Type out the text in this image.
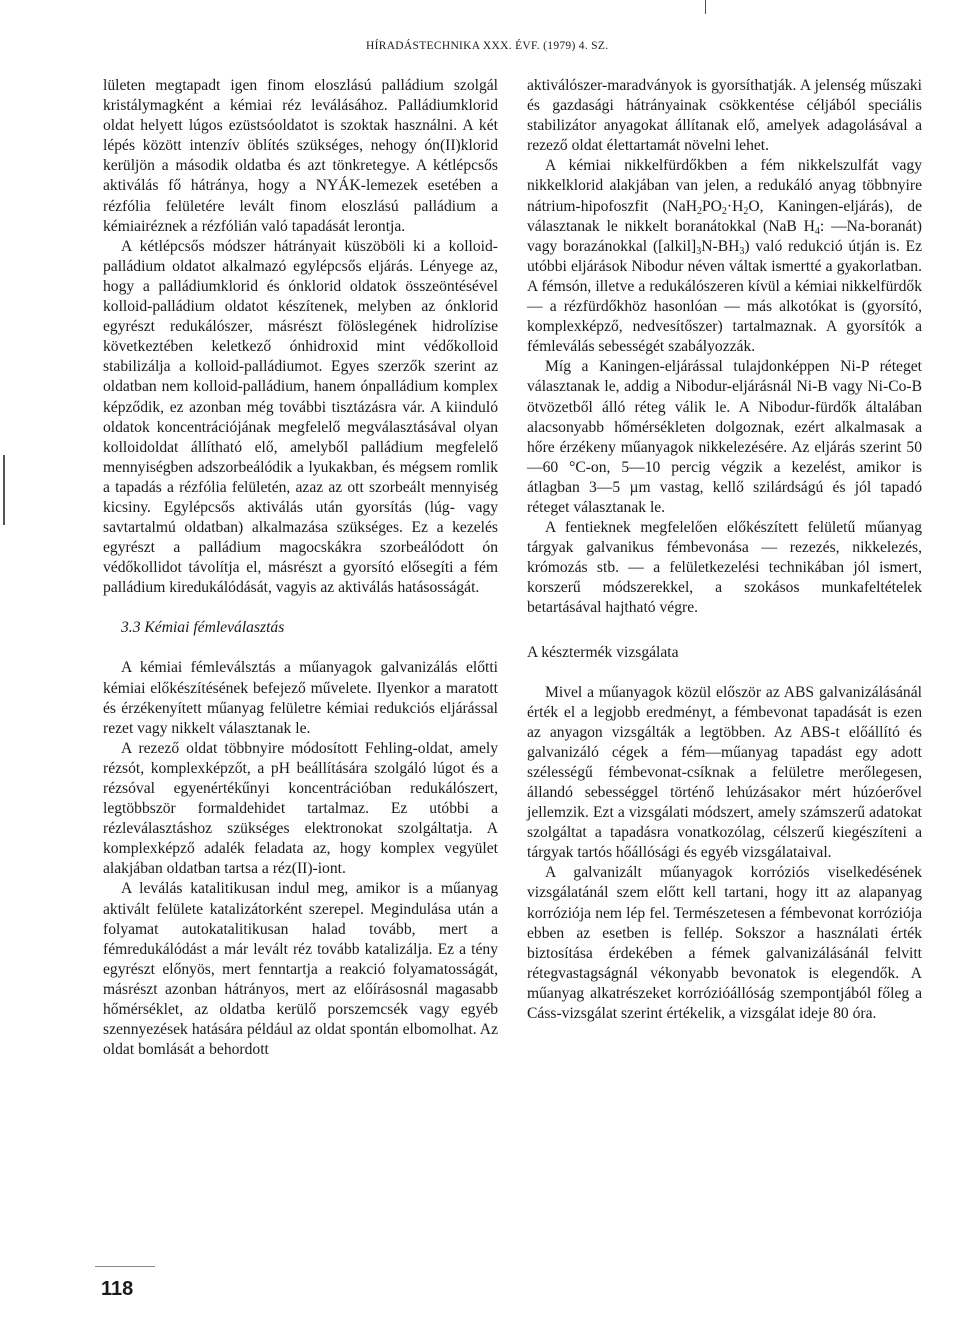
HÍRADÁSTECHNIKA XXX. ÉVF. (1979) 4. SZ.

lületen megtapadt igen finom eloszlású palládium szolgál kristálymagként a kémiai réz leválásához. Palládiumklorid oldat helyett lúgos ezüstsóoldatot is szoktak használni. A két lépés között intenzív öblítés szükséges, nehogy ón(II)klorid kerüljön a második oldatba és azt tönkretegye. A kétlépcsős aktiválás fő hátránya, hogy a NYÁK-lemezek esetében a rézfólia felületére levált finom eloszlású palládium a kémiairéznek a rézfólián való tapadását lerontja.

A kétlépcsős módszer hátrányait küszöböli ki a kolloid-palládium oldatot alkalmazó egylépcsős eljárás. Lényege az, hogy a palládiumklorid és ónklorid oldatok összeöntésével kolloid-palládium oldatot készítenek, melyben az ónklorid egyrészt redukálószer, másrészt fölöslegének hidrolízise következtében keletkező ónhidroxid mint védőkolloid stabilizálja a kolloid-palládiumot. Egyes szerzők szerint az oldatban nem kolloid-palládium, hanem ónpalládium komplex képződik, ez azonban még további tisztázásra vár. A kiinduló oldatok koncentrációjának megfelelő megválasztásával olyan kolloidoldat állítható elő, amelyből palládium megfelelő mennyiségben adszorbeálódik a lyukakban, és mégsem romlik a tapadás a rézfólia felületén, azaz az ott szorbeált mennyiség kicsiny. Egylépcsős aktiválás után gyorsítás (lúg- vagy savtartalmú oldatban) alkalmazása szükséges. Ez a kezelés egyrészt a palládium magocskákra szorbeálódott ón védőkollidot távolítja el, másrészt a gyorsító elősegíti a fém palládium kiredukálódását, vagyis az aktiválás hatásosságát.

3.3 Kémiai fémleválasztás

A kémiai fémleválsztás a műanyagok galvanizálás előtti kémiai előkészítésének befejező művelete. Ilyenkor a maratott és érzékenyített műanyag felületre kémiai redukciós eljárással rezet vagy nikkelt választanak le.

A rezező oldat többnyire módosított Fehling-oldat, amely rézsót, komplexképzőt, a pH beállítására szolgáló lúgot és a rézsóval egyenértékűnyi koncentrációban redukálószert, legtöbbször formaldehidet tartalmaz. Ez utóbbi a rézleválasztáshoz szükséges elektronokat szolgáltatja. A komplexképző adalék feladata az, hogy komplex vegyület alakjában oldatban tartsa a réz(II)-iont.

A leválás katalitikusan indul meg, amikor is a műanyag aktivált felülete katalizátorként szerepel. Megindulása után a folyamat autokatalitikusan halad tovább, mert a fémredukálódást a már levált réz tovább katalizálja. Ez a tény egyrészt előnyös, mert fenntartja a reakció folyamatosságát, másrészt azonban hátrányos, mert az előírásosnál magasabb hőmérséklet, az oldatba kerülő porszemcsék vagy egyéb szennyezések hatására például az oldat spontán elbomolhat. Az oldat bomlását a behordott

aktiválószer-maradványok is gyorsíthatják. A jelenség műszaki és gazdasági hátrányainak csökkentése céljából speciális stabilizátor anyagokat állítanak elő, amelyek adagolásával a rezező oldat élettartamát növelni lehet.

A kémiai nikkelfürdőkben a fém nikkelszulfát vagy nikkelklorid alakjában van jelen, a redukáló anyag többnyire nátrium-hipofoszfit ($NaH_2PO_2\cdot H_2O$, Kaningen-eljárás), de választanak le nikkelt boranátokkal (NaB $H_4$: —Na-boranát) vagy borazánokkal $([alkil]_3N-BH_3)$ való redukció útján is. Ez utóbbi eljárások Nibodur néven váltak ismertté a gyakorlatban. A fémsón, illetve a redukálószeren kívül a kémiai nikkelfürdők — a rézfürdőkhöz hasonlóan — más alkotókat is (gyorsító, komplexképző, nedvesítőszer) tartalmaznak. A gyorsítók a fémleválás sebességét szabályozzák.

Míg a Kaningen-eljárással tulajdonképpen Ni-P réteget választanak le, addig a Nibodur-eljárásnál Ni-B vagy Ni-Co-B ötvözetből álló réteg válik le. A Nibodur-fürdők általában alacsonyabb hőmérsékleten dolgoznak, ezért alkalmasak a hőre érzékeny műanyagok nikkelezésére. Az eljárás szerint 50—60 °C-on, 5—10 percig végzik a kezelést, amikor is átlagban 3—5 µm vastag, kellő szilárdságú és jól tapadó réteget választanak le.

A fentieknek megfelelően előkészített felületű műanyag tárgyak galvanikus fémbevonása — rezezés, nikkelezés, krómozás stb. — a felületkezelési technikában jól ismert, korszerű módszerekkel, a szokásos munkafeltételek betartásával hajtható végre.

A késztermék vizsgálata

Mivel a műanyagok közül először az ABS galvanizálásánál érték el a legjobb eredményt, a fémbevonat tapadását is ezen az anyagon vizsgálták a legtöbben. Az ABS-t előállító és galvanizáló cégek a fém—műanyag tapadást egy adott szélességű fémbevonat-csíknak a felületre merőlegesen, állandó sebességgel történő lehúzásakor mért húzóerővel jellemzik. Ezt a vizsgálati módszert, amely számszerű adatokat szolgáltat a tapadásra vonatkozólag, célszerű kiegészíteni a tárgyak tartós hőállósági és egyéb vizsgálataival.

A galvanizált műanyagok korróziós viselkedésének vizsgálatánál szem előtt kell tartani, hogy itt az alapanyag korróziója nem lép fel. Természetesen a fémbevonat korróziója ebben az esetben is fellép. Sokszor a használati érték biztosítása érdekében a fémek galvanizálásánál felvitt rétegvastagságnál vékonyabb bevonatok is elegendők. A műanyag alkatrészeket korrózióállóság szempontjából főleg a Cáss-vizsgálat szerint értékelik, a vizsgálat ideje 80 óra.

118
